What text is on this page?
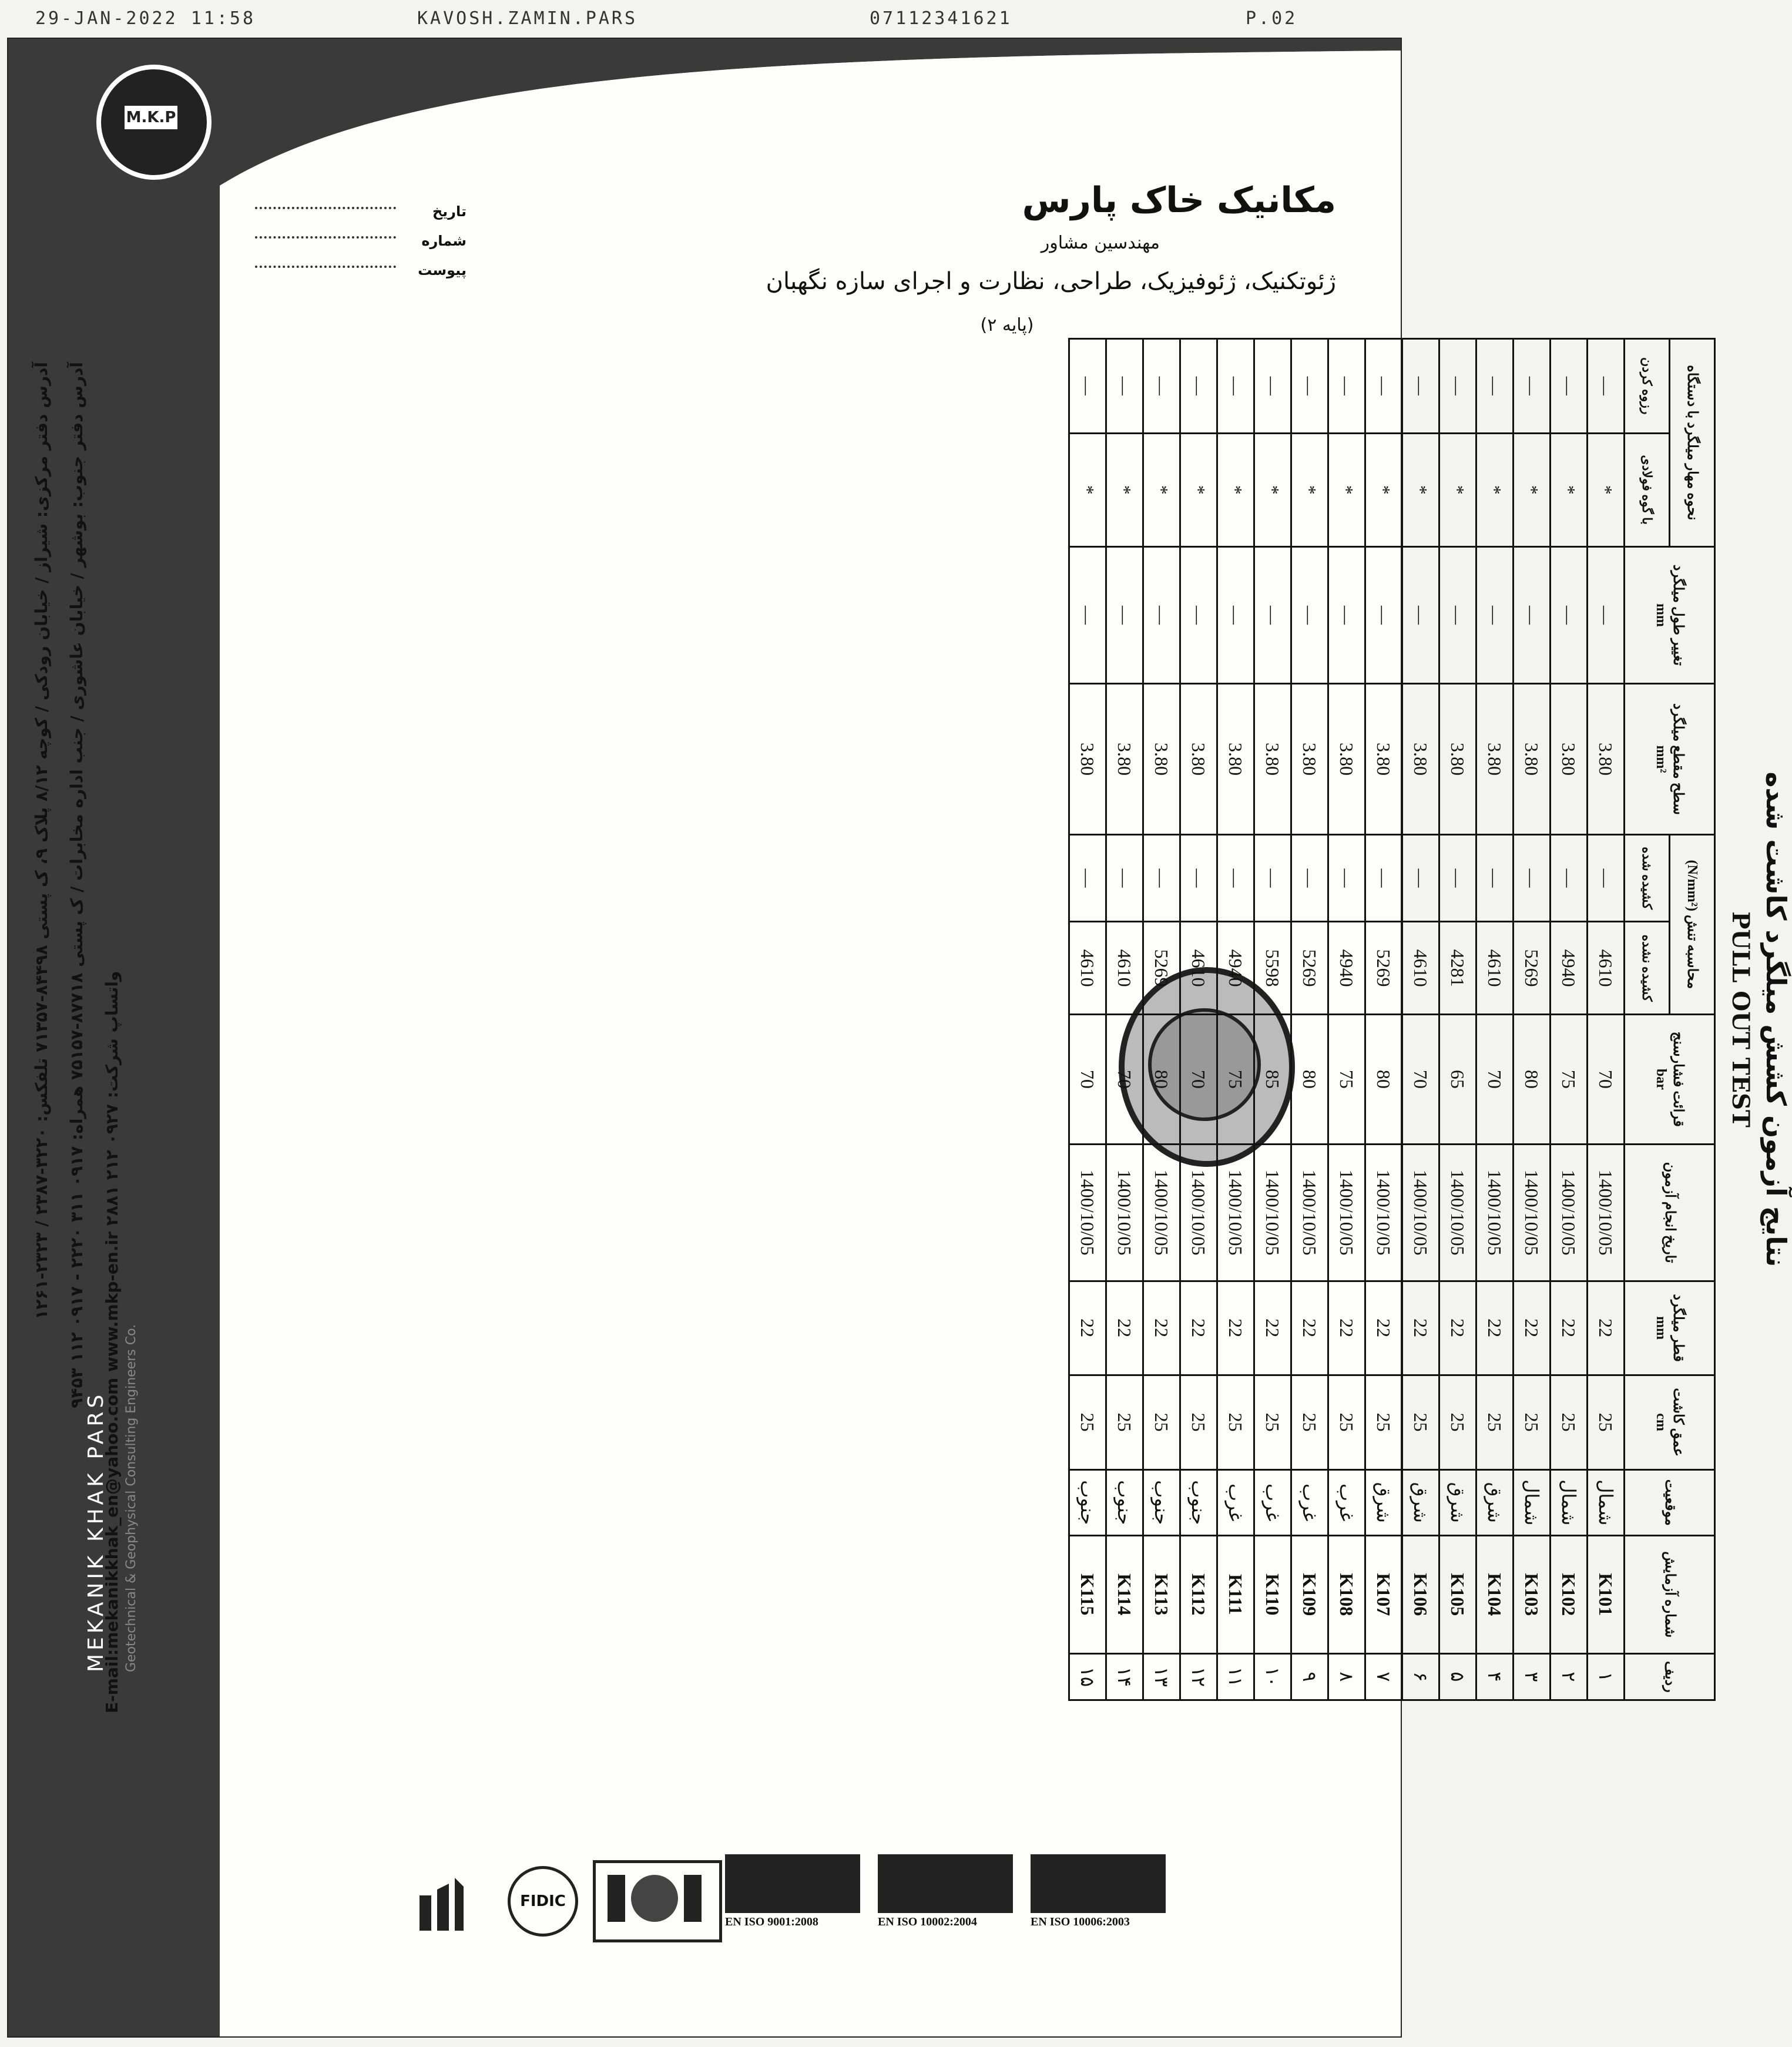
29-JAN-2022 11:58	KAVOSH.ZAMIN.PARS	07112341621	P.02
M.K.P
MEKANIK KHAK PARS	Geotechnical & Geophysical Consulting Engineers Co.
آدرس دفتر مرکزی: شیراز / خیابان رودکی / کوچه ۸/۱۲ پلاک ۹، ک پستی ۸۴۴۹۸-۷۱۳۵۷ تلفکس: ۳۲۲۰-۲۳۸۷ / ۲۳۲۳-۱۲۶۱
آدرس دفتر جنوب: بوشهر / خیابان عاشوری / جنب اداره مخابرات / ک پستی ۸۷۷۱۸-۷۵۱۵۷ همراه: ۰۹۱۷ ۳۱۱ ۲۲۲۰ - ۰۹۱۷ ۱۱۲ ۹۴۵۳
E-mail:mekanikkhak_en@yahoo.com www.mkp-en.ir واتساپ شرکت: ۰۹۲۷ ۲۱۲ ۲۸۸۱
مکانیک خاک پارس
مهندسین مشاور
ژئوتکنیک، ژئوفیزیک، طراحی، نظارت و اجرای سازه نگهبان
(پایه ۲)
تاریخ
شماره
پیوست
FIDIC
EN ISO 9001:2008	EN ISO 10002:2004	EN ISO 10006:2003
نتایج آزمون کشش میلگرد کاشت شده
PULL OUT TEST
ردیف	شماره آزمایش	موقعیت	عمق کاشت
cm	قطر میلگرد
mm	تاریخ انجام آزمون	قرائت فشارسنج
bar	محاسبه تنش (N/mm²)		سطح مقطع میلگرد
mm²	تغییر طول میلگرد
mm	نحوه مهار میلگرد با دستگاه	
							کشیده نشده	کشیده شده			با گوه فولادی	رزوه کردن
۱	K101	شمال	25	22	1400/10/05	70	4610	—	3.80	—	*	—
۲	K102	شمال	25	22	1400/10/05	75	4940	—	3.80	—	*	—
۳	K103	شمال	25	22	1400/10/05	80	5269	—	3.80	—	*	—
۴	K104	شرق	25	22	1400/10/05	70	4610	—	3.80	—	*	—
۵	K105	شرق	25	22	1400/10/05	65	4281	—	3.80	—	*	—
۶	K106	شرق	25	22	1400/10/05	70	4610	—	3.80	—	*	—
۷	K107	شرق	25	22	1400/10/05	80	5269	—	3.80	—	*	—
۸	K108	غرب	25	22	1400/10/05	75	4940	—	3.80	—	*	—
۹	K109	غرب	25	22	1400/10/05	80	5269	—	3.80	—	*	—
۱۰	K110	غرب	25	22	1400/10/05	85	5598	—	3.80	—	*	—
۱۱	K111	غرب	25	22	1400/10/05	75	4940	—	3.80	—	*	—
۱۲	K112	جنوب	25	22	1400/10/05	70	4610	—	3.80	—	*	—
۱۳	K113	جنوب	25	22	1400/10/05	80	5269	—	3.80	—	*	—
۱۴	K114	جنوب	25	22	1400/10/05	70	4610	—	3.80	—	*	—
۱۵	K115	جنوب	25	22	1400/10/05	70	4610	—	3.80	—	*	—
